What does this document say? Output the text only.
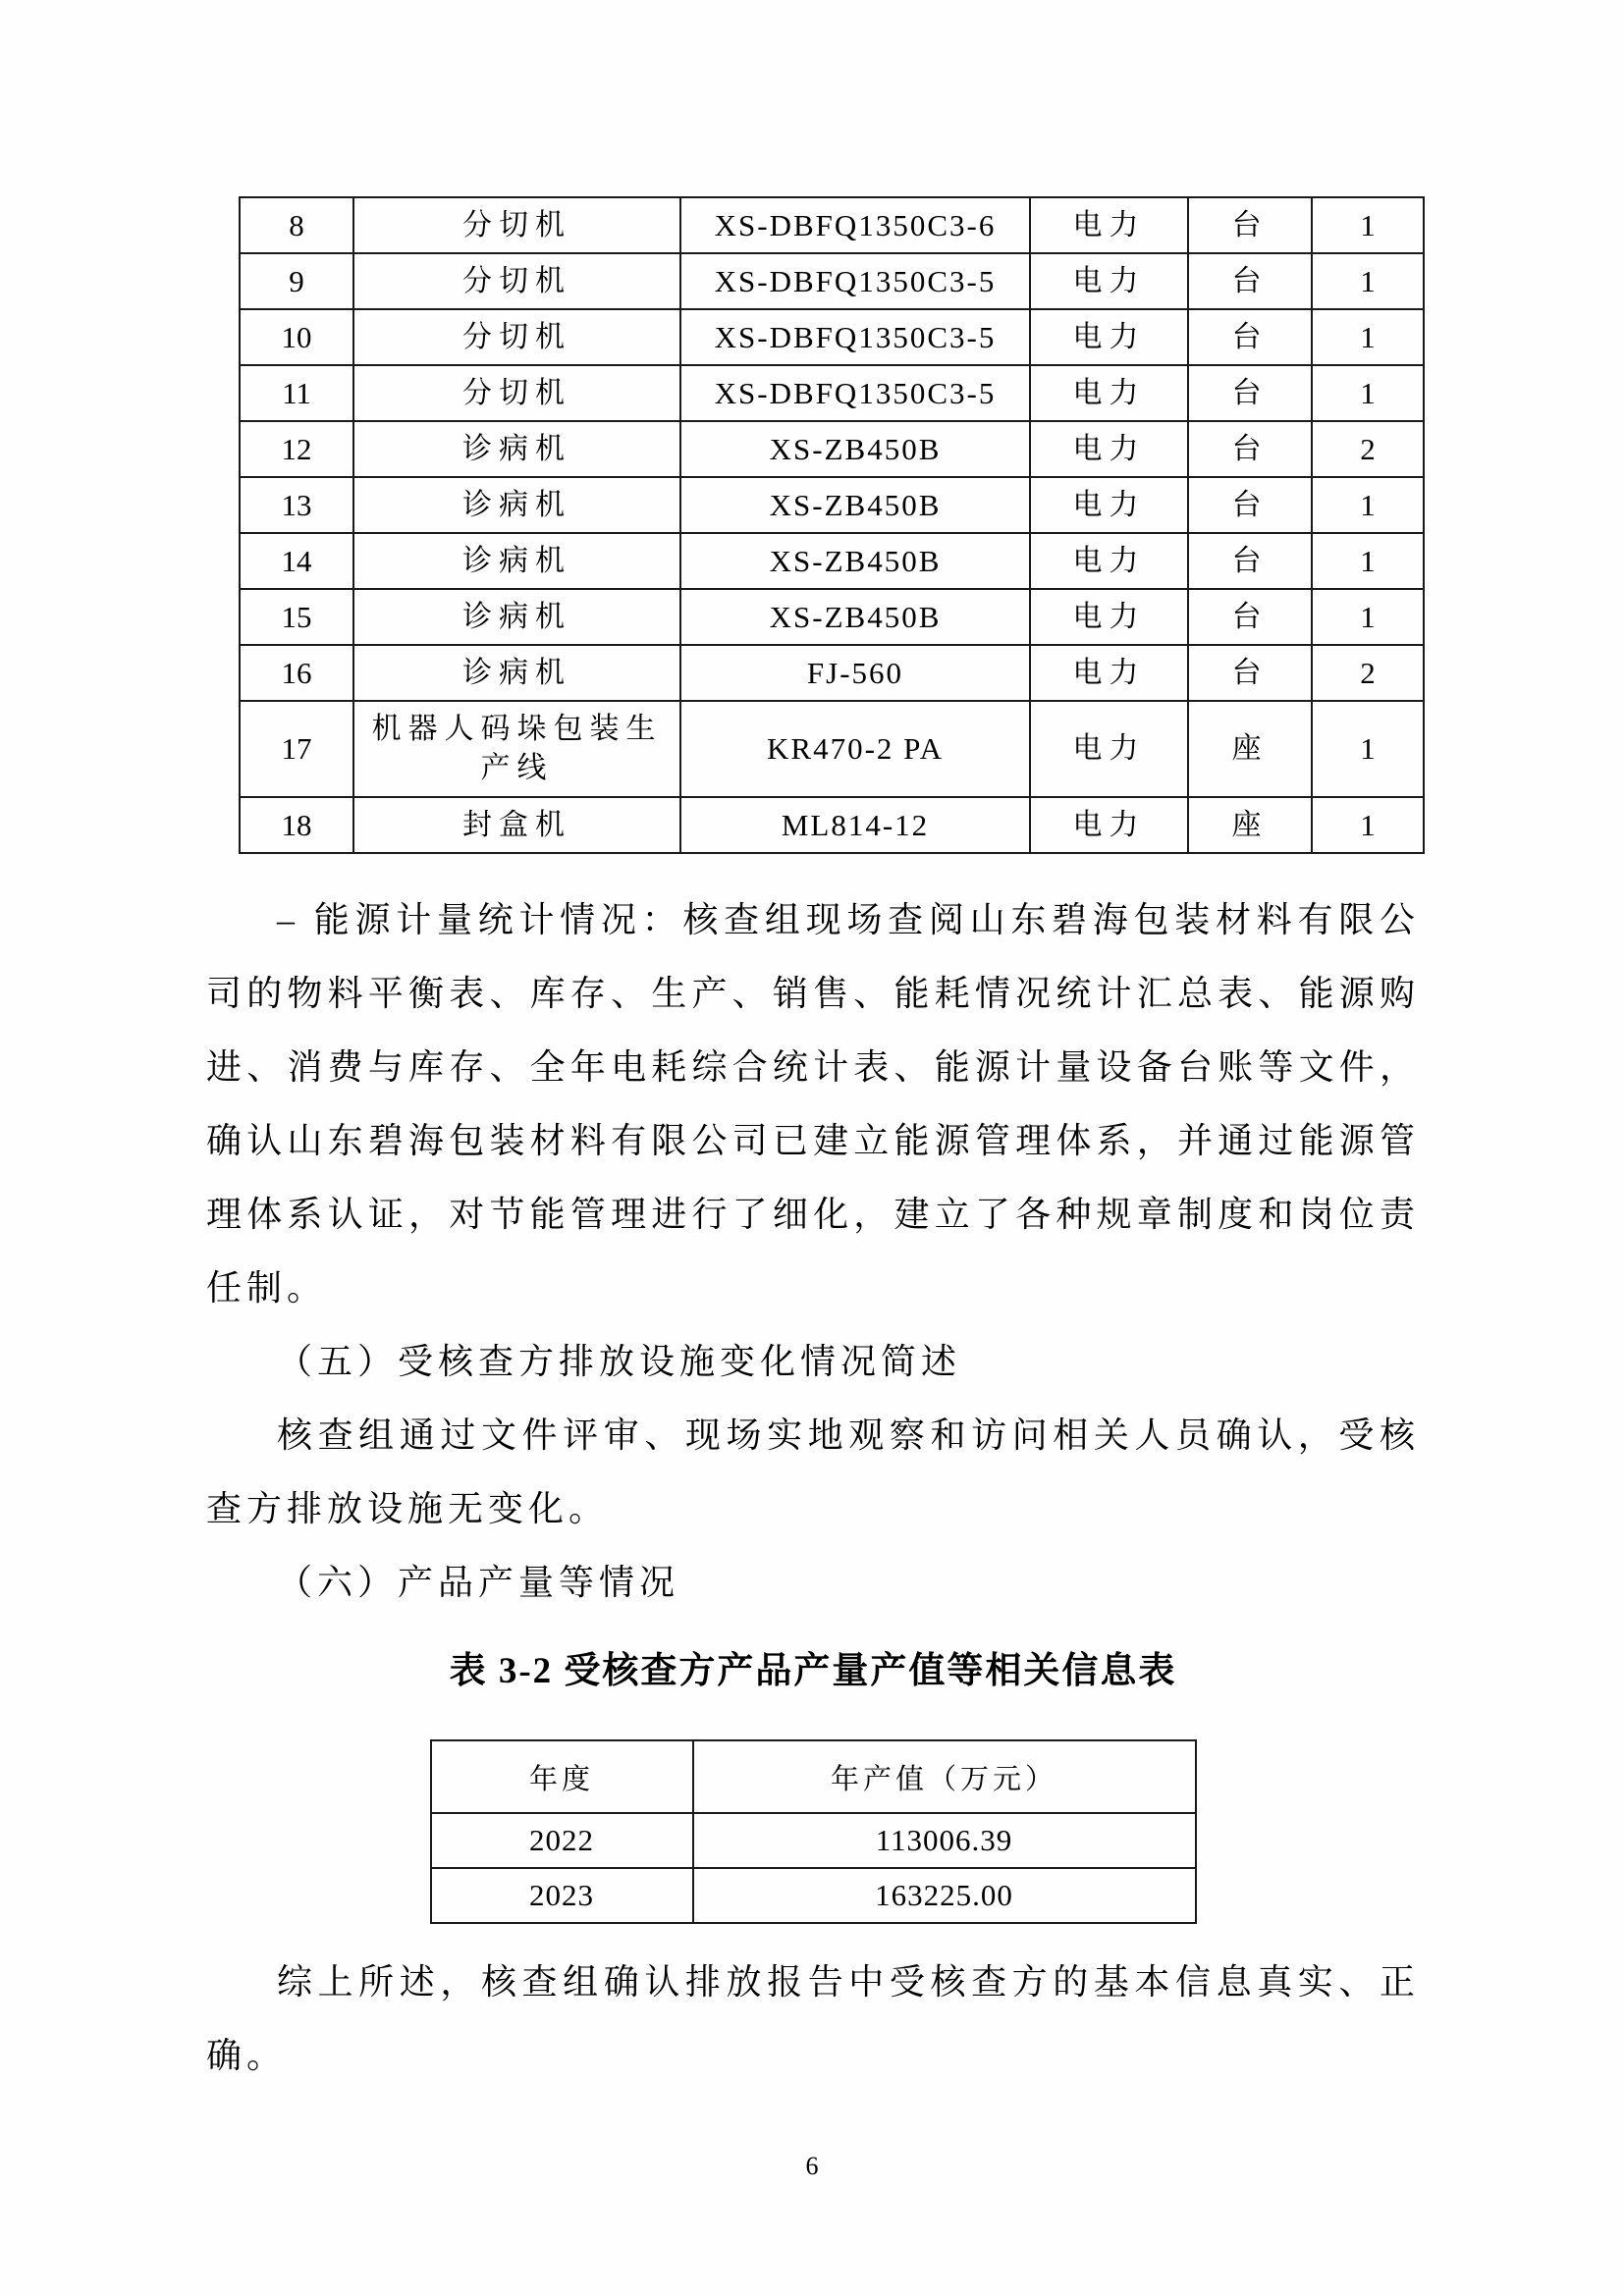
8	分切机	XS-DBFQ1350C3-6	电力	台	1
9	分切机	XS-DBFQ1350C3-5	电力	台	1
10	分切机	XS-DBFQ1350C3-5	电力	台	1
11	分切机	XS-DBFQ1350C3-5	电力	台	1
12	诊病机	XS-ZB450B	电力	台	2
13	诊病机	XS-ZB450B	电力	台	1
14	诊病机	XS-ZB450B	电力	台	1
15	诊病机	XS-ZB450B	电力	台	1
16	诊病机	FJ-560	电力	台	2
17	机器人码垛包装生产线	KR470-2 PA	电力	座	1
18	封盒机	ML814-12	电力	座	1

– 能源计量统计情况：核查组现场查阅山东碧海包装材料有限公司的物料平衡表、库存、生产、销售、能耗情况统计汇总表、能源购进、消费与库存、全年电耗综合统计表、能源计量设备台账等文件，确认山东碧海包装材料有限公司已建立能源管理体系，并通过能源管理体系认证，对节能管理进行了细化，建立了各种规章制度和岗位责任制。

（五）受核查方排放设施变化情况简述

核查组通过文件评审、现场实地观察和访问相关人员确认，受核查方排放设施无变化。

（六）产品产量等情况

表 3-2 受核查方产品产量产值等相关信息表
年度	年产值（万元）
2022	113006.39
2023	163225.00

综上所述，核查组确认排放报告中受核查方的基本信息真实、正确。

6
